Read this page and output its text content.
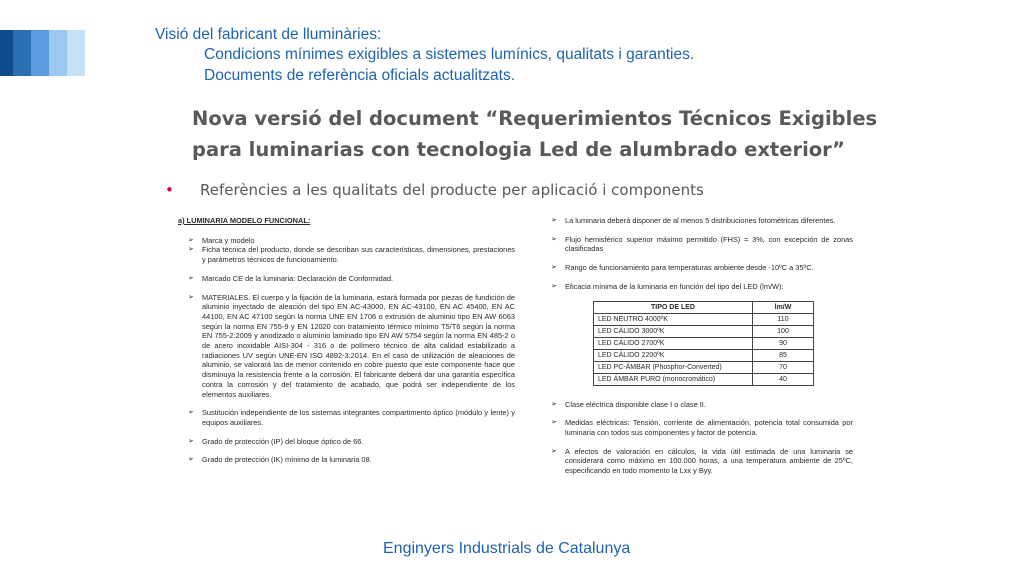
Visió del fabricant de lluminàries:
Condicions mínimes exigibles a sistemes lumínics, qualitats i garanties.
Documents de referència oficials actualitzats.
Nova versió del document “Requerimientos Técnicos Exigibles para luminarias con tecnologia Led de alumbrado exterior”
• Referències a les qualitats del producte per aplicació i components
a) LUMINARIA MODELO FUNCIONAL:
➢ Marca y modelo
➢ Ficha técnica del producto, donde se describan sus características, dimensiones, prestaciones y parámetros técnicos de funcionamiento.
➢ Marcado CE de la luminaria: Declaración de Conformidad.
➢ MATERIALES. El cuerpo y la fijación de la luminaria, estará formada por piezas de fundición de aluminio inyectado de aleación del tipo EN AC-43000, EN AC-43100, EN AC 45400, EN AC 44100, EN AC 47100 según la norma UNE EN 1706 o extrusión de aluminio tipo EN AW 6063 según la norma EN 755-9 y EN 12020 con tratamiento térmico mínimo T5/T6 según la norma EN 755-2:2009 y anodizado o aluminio laminado tipo EN AW 5754 según la norma EN 485-2 o de acero inoxidable AISI-304 - 316 o de polímero técnico de alta calidad estabilizado a radiaciones UV según UNE-EN ISO 4892-3:2014. En el caso de utilización de aleaciones de aluminio, se valorará las de menor contenido en cobre puesto que este componente hace que disminuya la resistencia frente a la corrosión. El fabricante deberá dar una garantía específica contra la corrosión y del tratamiento de acabado, que podrá ser independiente de los elementos auxiliares.
➢ Sustitución independiente de los sistemas integrantes compartimento óptico (módulo y lente) y equipos auxiliares.
➢ Grado de protección (IP) del bloque óptico de 66.
➢ Grado de protección (IK) mínimo de la luminaria 08.
➢ La luminaria deberá disponer de al menos 5 distribuciones fotométricas diferentes.
➢ Flujo hemisférico superior máximo permitido (FHS) = 3%, con excepción de zonas clasificadas
➢ Rango de funcionamiento para temperaturas ambiente desde -10ºC a 35ºC.
➢ Eficacia mínima de la luminaria en función del tipo del LED (lm/W):
TIPO DE LED	lm/W
LED NEUTRO 4000ºK	110
LED CÁLIDO 3000ºK	100
LED CÁLIDO 2700ºK	90
LED CÁLIDO 2200ºK	85
LED PC-ÁMBAR (Phosphor-Converted)	70
LED ÁMBAR PURO (monocromático)	40
➢ Clase eléctrica disponible clase I o clase II.
➢ Medidas eléctricas: Tensión, corriente de alimentación, potencia total consumida por luminaria con todos sus componentes y factor de potencia.
➢ A efectos de valoración en cálculos, la vida útil estimada de una luminaria se considerará como máximo en 100.000 horas, a una temperatura ambiente de 25ºC, especificando en todo momento la Lxx y Byy.
Enginyers Industrials de Catalunya
